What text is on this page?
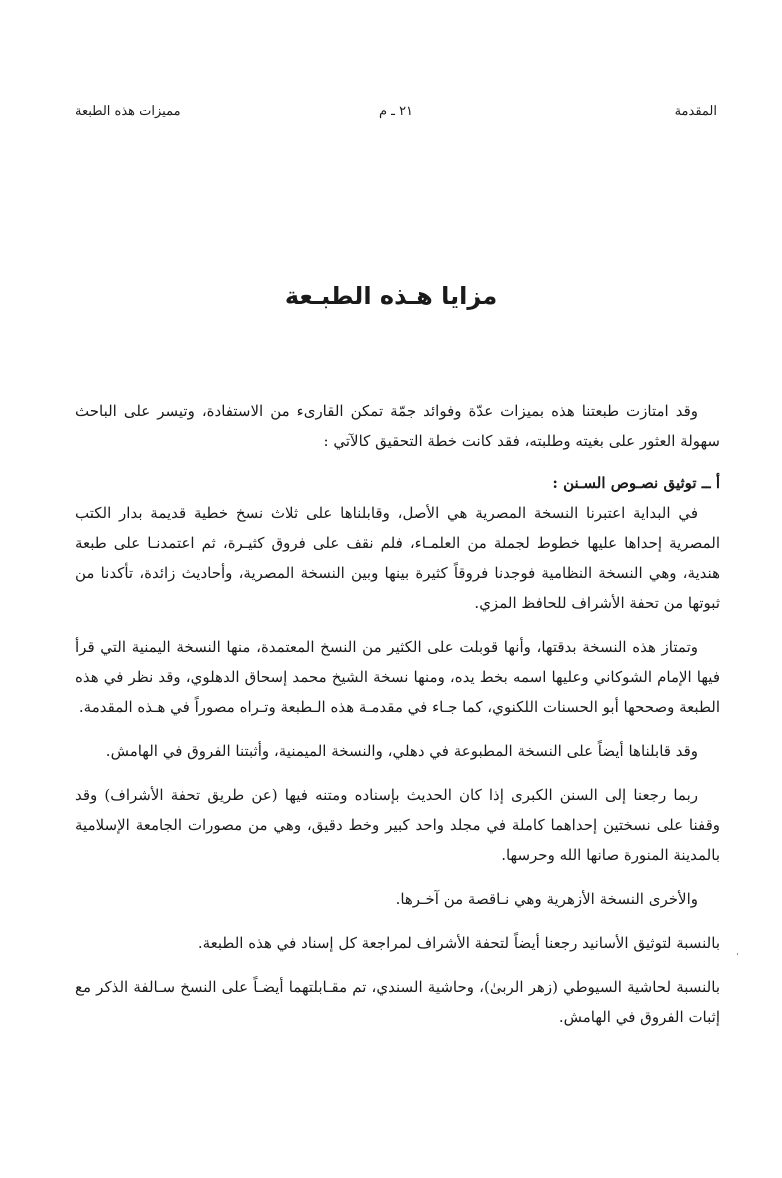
المقدمة
٢١ ـ م
مميزات هذه الطبعة
مزايا هـذه الطبـعة

وقد امتازت طبعتنا هذه بميزات عدّة وفوائد جمّة تمكن القارىء من الاستفادة، وتيسر على الباحث سهولة العثور على بغيته وطلبته، فقد كانت خطة التحقيق كالآتي :

أ ــ توثيق نصـوص السـنن :

في البداية اعتبرنا النسخة المصرية هي الأصل، وقابلناها على ثلاث نسخ خطية قديمة بدار الكتب المصرية إحداها عليها خطوط لجملة من العلمـاء، فلم نقف على فروق كثيـرة، ثم اعتمدنـا على طبعة هندية، وهي النسخة النظامية فوجدنا فروقاً كثيرة بينها وبين النسخة المصرية، وأحاديث زائدة، تأكدنا من ثبوتها من تحفة الأشراف للحافظ المزي.

وتمتاز هذه النسخة بدقتها، وأنها قوبلت على الكثير من النسخ المعتمدة، منها النسخة اليمنية التي قرأ فيها الإمام الشوكاني وعليها اسمه بخط يده، ومنها نسخة الشيخ محمد إسحاق الدهلوي، وقد نظر في هذه الطبعة وصححها أبو الحسنات اللكنوي، كما جـاء في مقدمـة هذه الـطبعة وتـراه مصوراً في هـذه المقدمة.

وقد قابلناها أيضاً على النسخة المطبوعة في دهلي، والنسخة الميمنية، وأثبتنا الفروق في الهامش.

ربما رجعنا إلى السنن الكبرى إذا كان الحديث بإسناده ومتنه فيها (عن طريق تحفة الأشراف) وقد وقفنا على نسختين إحداهما كاملة في مجلد واحد كبير وخط دقيق، وهي من مصورات الجامعة الإسلامية بالمدينة المنورة صانها الله وحرسها.

والأخرى النسخة الأزهرية وهي نـاقصة من آخـرها.

بالنسبة لتوثيق الأسانيد رجعنا أيضاً لتحفة الأشراف لمراجعة كل إسناد في هذه الطبعة.

بالنسبة لحاشية السيوطي (زهر الربىٰ)، وحاشية السندي، تم مقـابلتهما أيضـاً على النسخ سـالفة الذكر مع إثبات الفروق في الهامش.

،
